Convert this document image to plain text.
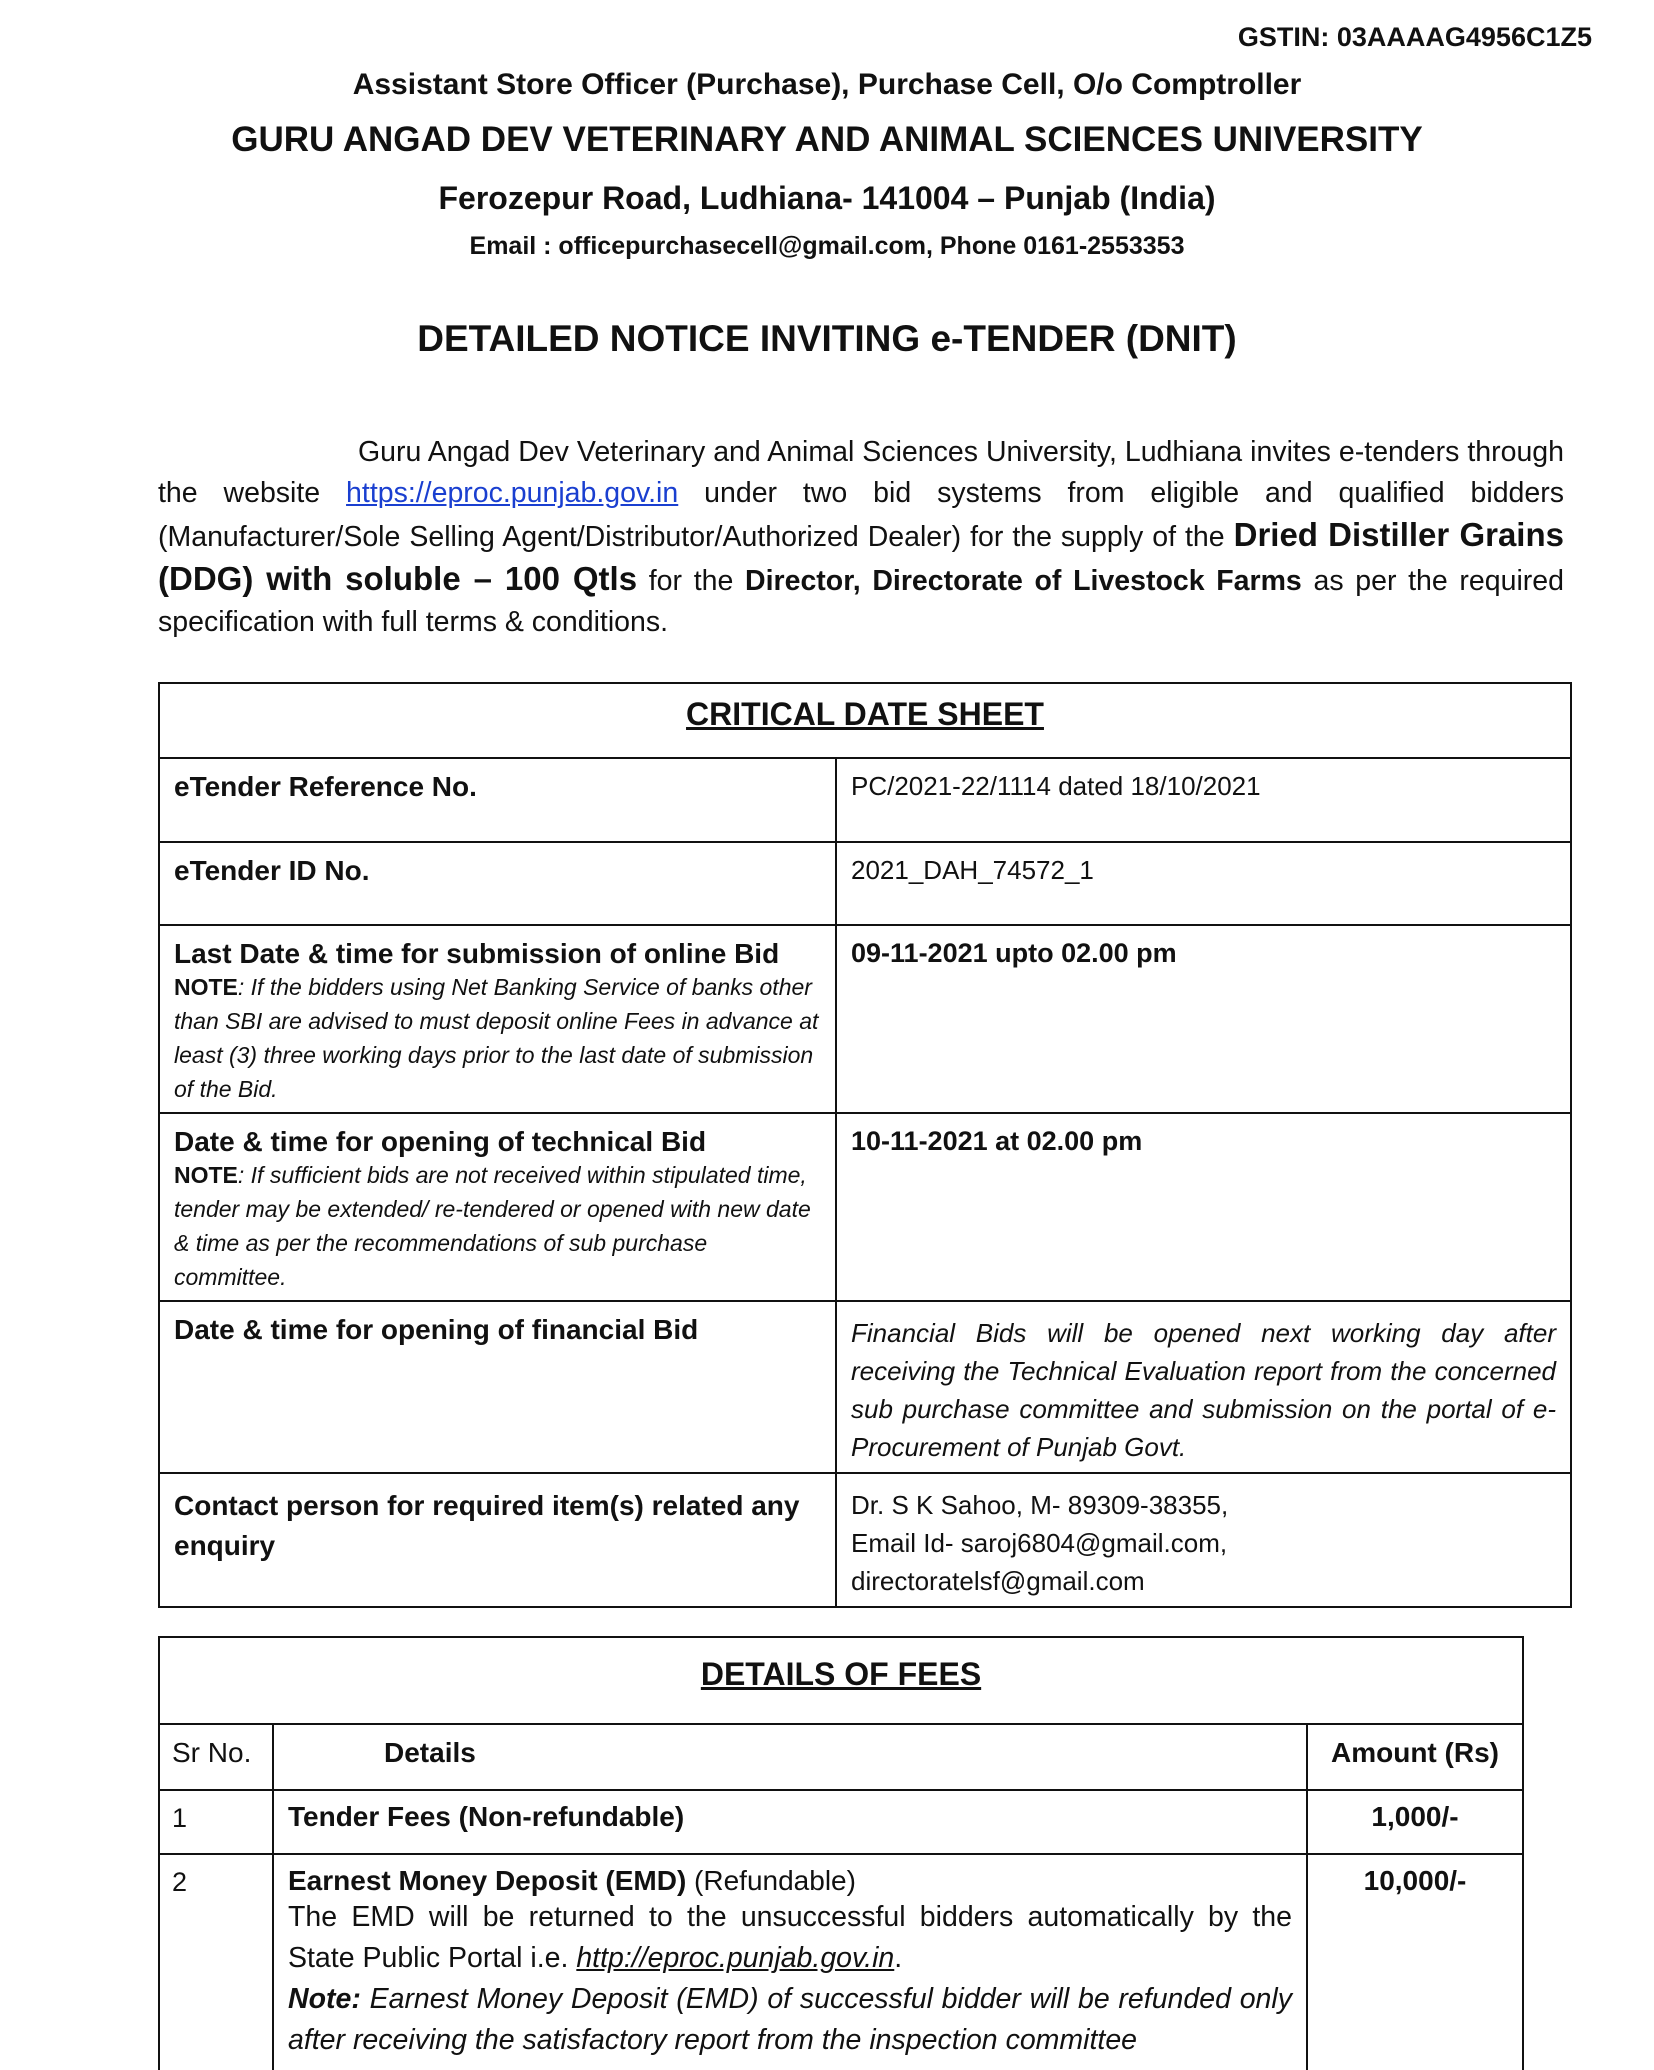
GSTIN: 03AAAAG4956C1Z5
Assistant Store Officer (Purchase), Purchase Cell, O/o Comptroller
GURU ANGAD DEV VETERINARY AND ANIMAL SCIENCES UNIVERSITY
Ferozepur Road, Ludhiana- 141004 – Punjab (India)
Email : officepurchasecell@gmail.com, Phone 0161-2553353
DETAILED NOTICE INVITING e-TENDER (DNIT)

Guru Angad Dev Veterinary and Animal Sciences University, Ludhiana invites e-tenders through the website https://eproc.punjab.gov.in under two bid systems from eligible and qualified bidders (Manufacturer/Sole Selling Agent/Distributor/Authorized Dealer) for the supply of the Dried Distiller Grains (DDG) with soluble – 100 Qtls for the Director, Directorate of Livestock Farms as per the required specification with full terms & conditions.

CRITICAL DATE SHEET	
eTender Reference No.	PC/2021-22/1114 dated 18/10/2021
eTender ID No.	2021_DAH_74572_1
Last Date & time for submission of online Bid
NOTE: If the bidders using Net Banking Service of banks other than SBI are advised to must deposit online Fees in advance at least (3) three working days prior to the last date of submission of the Bid.	09-11-2021 upto 02.00 pm
Date & time for opening of technical Bid
NOTE: If sufficient bids are not received within stipulated time, tender may be extended/ re-tendered or opened with new date & time as per the recommendations of sub purchase committee.	10-11-2021 at 02.00 pm
Date & time for opening of financial Bid	Financial Bids will be opened next working day after receiving the Technical Evaluation report from the concerned sub purchase committee and submission on the portal of e-Procurement of Punjab Govt.
Contact person for required item(s) related any enquiry	Dr. S K Sahoo, M- 89309-38355,
Email Id- saroj6804@gmail.com,
directoratelsf@gmail.com
DETAILS OF FEES		
Sr No.	Details	Amount (Rs)
1	Tender Fees (Non-refundable)	1,000/-
2	Earnest Money Deposit (EMD) (Refundable)
The EMD will be returned to the unsuccessful bidders automatically by the State Public Portal i.e. http://eproc.punjab.gov.in.
Note: Earnest Money Deposit (EMD) of successful bidder will be refunded only after receiving the satisfactory report from the inspection committee	10,000/-
